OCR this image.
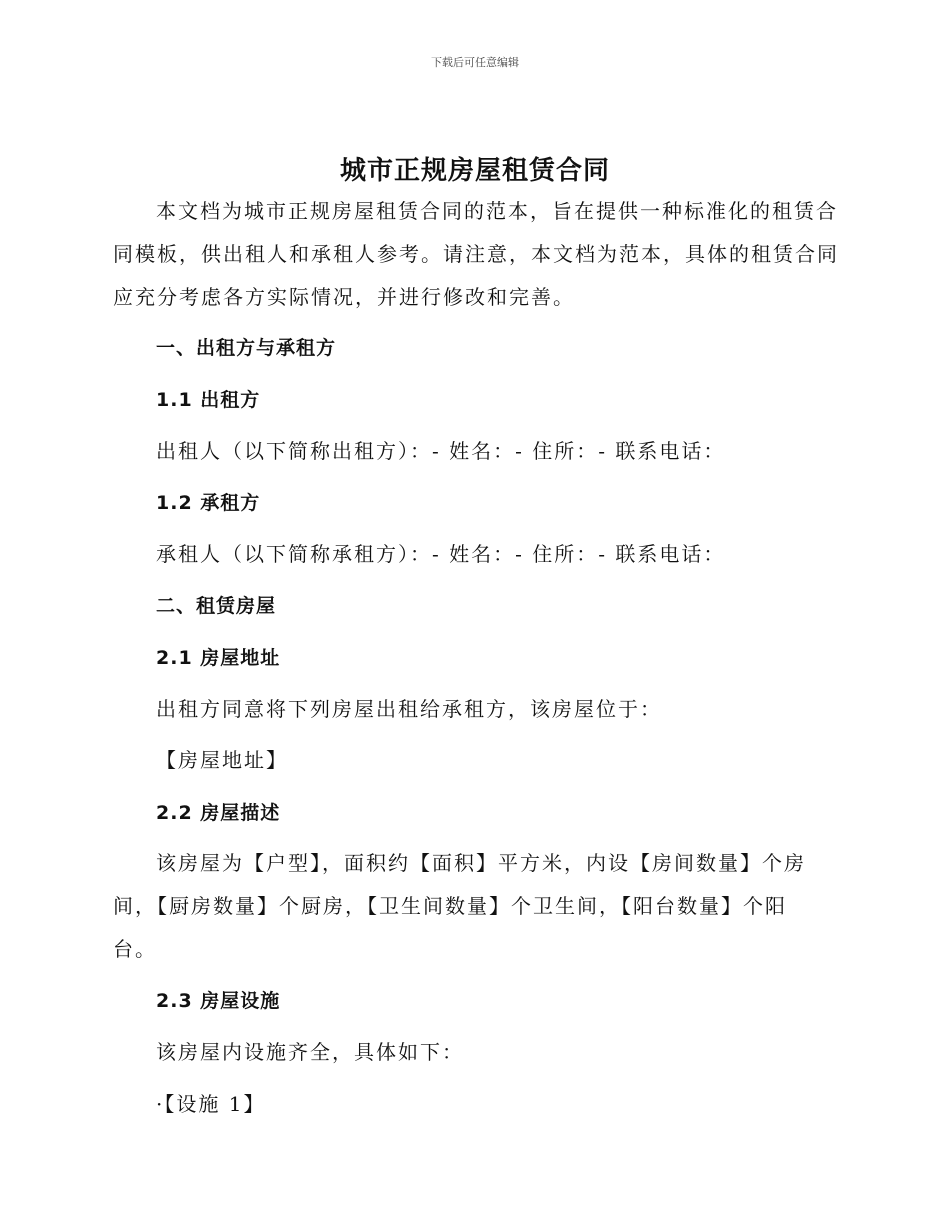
下载后可任意编辑
城市正规房屋租赁合同
本文档为城市正规房屋租赁合同的范本，旨在提供一种标准化的租赁合
同模板，供出租人和承租人参考。请注意，本文档为范本，具体的租赁合同
应充分考虑各方实际情况，并进行修改和完善。
一、出租方与承租方
1.1 出租方
出租人（以下简称出租方）：- 姓名：- 住所：- 联系电话：
1.2 承租方
承租人（以下简称承租方）：- 姓名：- 住所：- 联系电话：
二、租赁房屋
2.1 房屋地址
出租方同意将下列房屋出租给承租方，该房屋位于：
【房屋地址】
2.2 房屋描述
该房屋为【户型】，面积约【面积】平方米，内设【房间数量】个房
间，【厨房数量】个厨房，【卫生间数量】个卫生间，【阳台数量】个阳
台。
2.3 房屋设施
该房屋内设施齐全，具体如下：
·【设施 1】
